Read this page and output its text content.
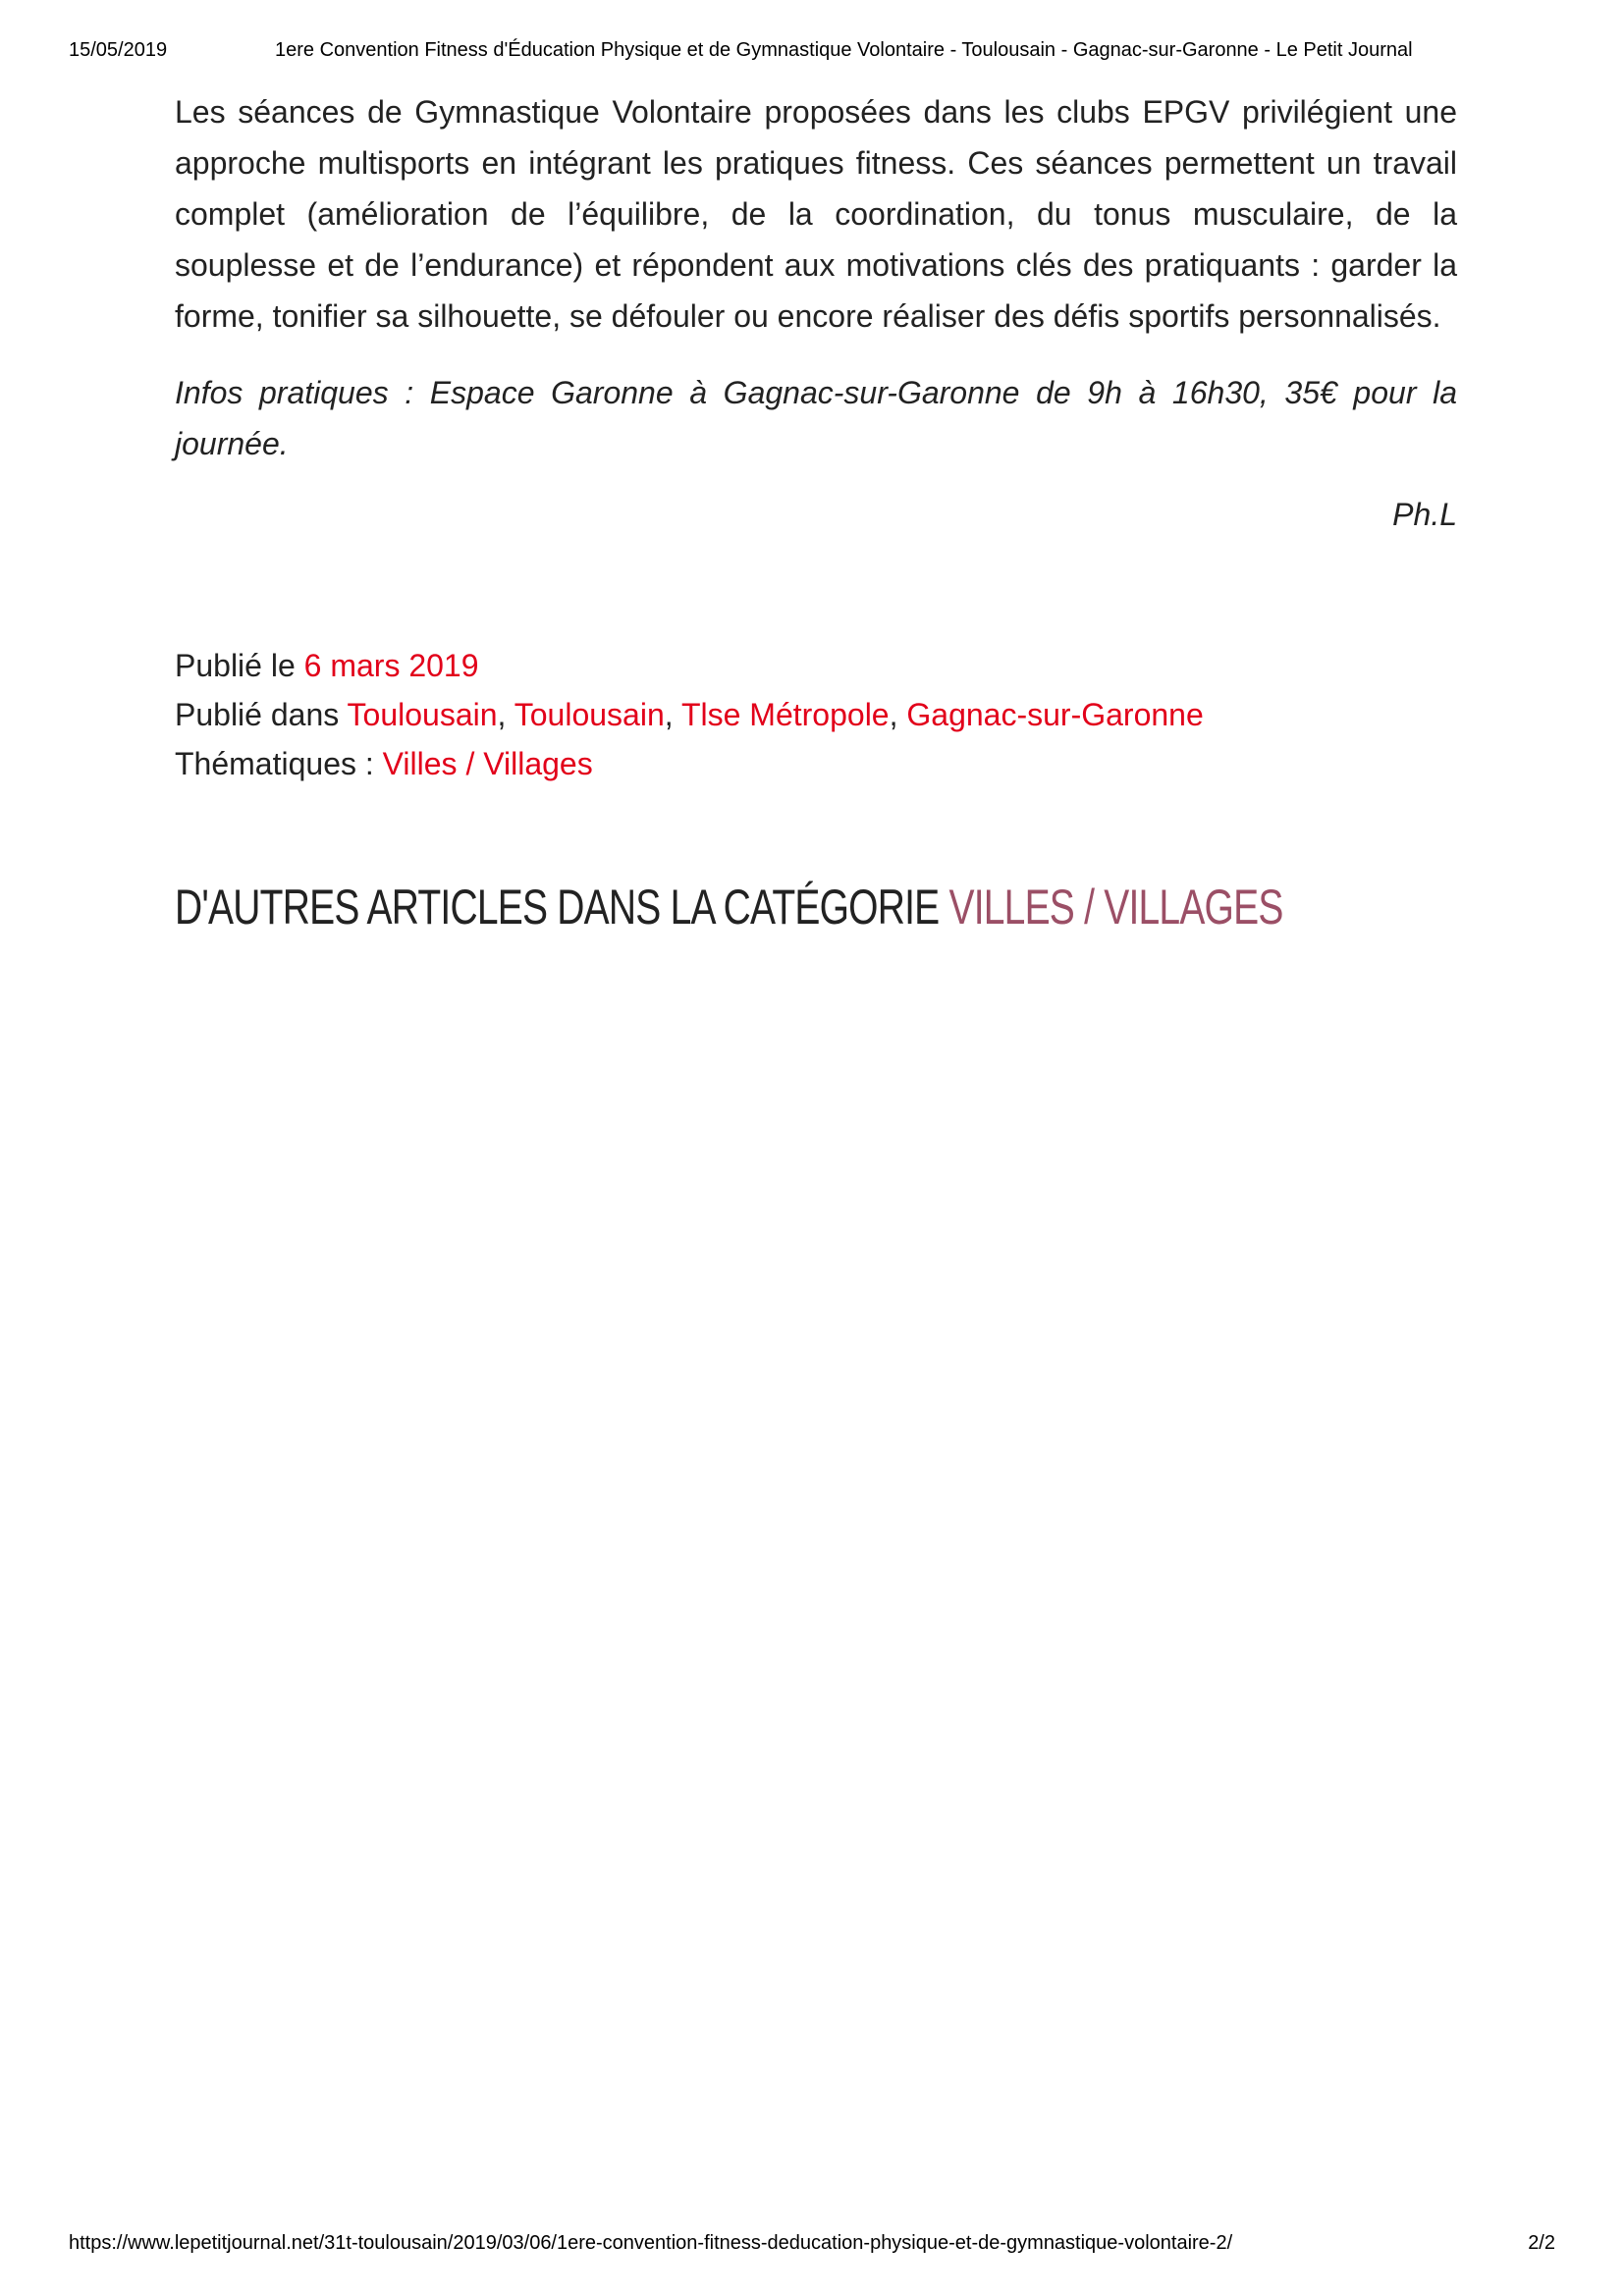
15/05/2019	1ere Convention Fitness d'Éducation Physique et de Gymnastique Volontaire - Toulousain - Gagnac-sur-Garonne - Le Petit Journal

Les séances de Gymnastique Volontaire proposées dans les clubs EPGV privilégient une approche multisports en intégrant les pratiques fitness. Ces séances permettent un travail complet (amélioration de l’équilibre, de la coordination, du tonus musculaire, de la souplesse et de l’endurance) et répondent aux motivations clés des pratiquants : garder la forme, tonifier sa silhouette, se défouler ou encore réaliser des défis sportifs personnalisés.

Infos pratiques : Espace Garonne à Gagnac-sur-Garonne de 9h à 16h30, 35€ pour la journée.

Ph.L
Publié le 6 mars 2019
Publié dans Toulousain, Toulousain, Tlse Métropole, Gagnac-sur-Garonne
Thématiques : Villes / Villages
D'AUTRES ARTICLES DANS LA CATÉGORIE VILLES / VILLAGES
https://www.lepetitjournal.net/31t-toulousain/2019/03/06/1ere-convention-fitness-deducation-physique-et-de-gymnastique-volontaire-2/	2/2
